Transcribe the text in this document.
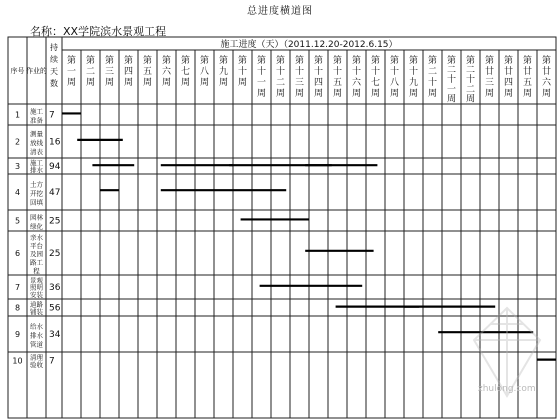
总进度横道图
名称：XX学院滨水景观工程
序号 作业的
持续天数
施工进度（天）（2011.12.20-2012.6.15）
第一周
第二周
第三周
第四周
第五周
第六周
第七周
第八周
第九周
第十周
第十一周
第十二周
第十三周
第十四周
第十五周
第十六周
第十七周
第十八周
第十九周
第二十周
第二十一周
第二十二周
第廿三周
第廿四周
第廿五周
第廿六周
1 施工准备 7
2
测量放线清表
16
3 施工排水 94
4
土方开挖回填
47
5 园林绿化 25
6
亲水平台及园路工程
25
7
景观照明安装
36
8 道路铺装 56
9
给水排水管道
34
10 清理验收 7
zhulong.com
